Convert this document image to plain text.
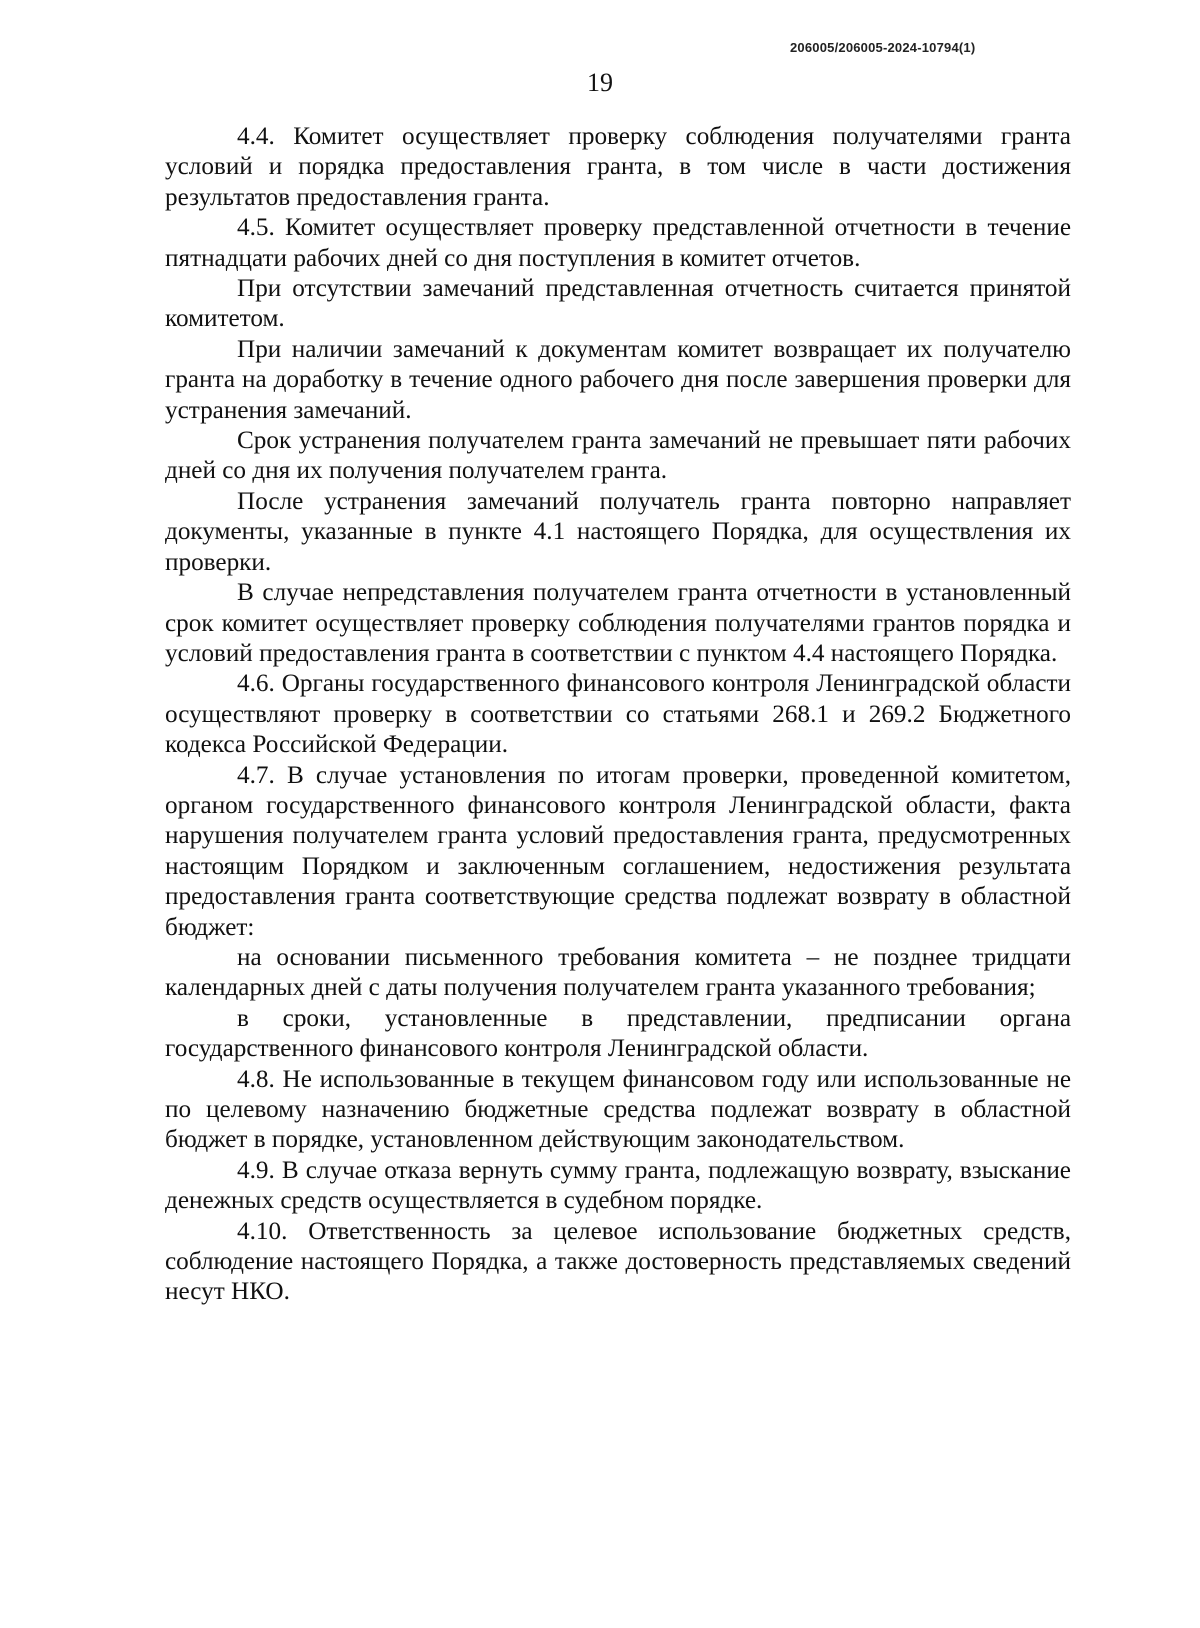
206005/206005-2024-10794(1)
19

4.4. Комитет осуществляет проверку соблюдения получателями гранта условий и порядка предоставления гранта, в том числе в части достижения результатов предоставления гранта.

4.5. Комитет осуществляет проверку представленной отчетности в течение пятнадцати рабочих дней со дня поступления в комитет отчетов.

При отсутствии замечаний представленная отчетность считается принятой комитетом.

При наличии замечаний к документам комитет возвращает их получателю гранта на доработку в течение одного рабочего дня после завершения проверки для устранения замечаний.

Срок устранения получателем гранта замечаний не превышает пяти рабочих дней со дня их получения получателем гранта.

После устранения замечаний получатель гранта повторно направляет документы, указанные в пункте 4.1 настоящего Порядка, для осуществления их проверки.

В случае непредставления получателем гранта отчетности в установленный срок комитет осуществляет проверку соблюдения получателями грантов порядка и условий предоставления гранта в соответствии с пунктом 4.4 настоящего Порядка.

4.6. Органы государственного финансового контроля Ленинградской области осуществляют проверку в соответствии со статьями 268.1 и 269.2 Бюджетного кодекса Российской Федерации.

4.7. В случае установления по итогам проверки, проведенной комитетом, органом государственного финансового контроля Ленинградской области, факта нарушения получателем гранта условий предоставления гранта, предусмотренных настоящим Порядком и заключенным соглашением, недостижения результата предоставления гранта соответствующие средства подлежат возврату в областной бюджет:

на основании письменного требования комитета – не позднее тридцати календарных дней с даты получения получателем гранта указанного требования;

в сроки, установленные в представлении, предписании органа государственного финансового контроля Ленинградской области.

4.8. Не использованные в текущем финансовом году или использованные не по целевому назначению бюджетные средства подлежат возврату в областной бюджет в порядке, установленном действующим законодательством.

4.9. В случае отказа вернуть сумму гранта, подлежащую возврату, взыскание денежных средств осуществляется в судебном порядке.

4.10. Ответственность за целевое использование бюджетных средств, соблюдение настоящего Порядка, а также достоверность представляемых сведений несут НКО.
